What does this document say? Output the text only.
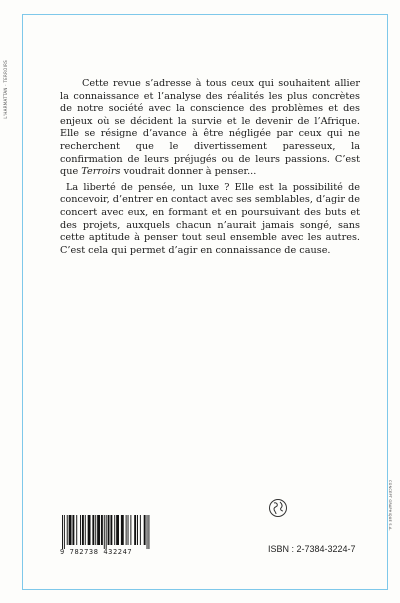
L'HARMATTAN · TERROIRS	Cette revue s’adresse à tous ceux qui souhaitent allier la connaissance et l’analyse des réalités les plus concrètes de notre société avec la conscience des problèmes et des enjeux où se décident la survie et le devenir de l’Afrique. Elle se résigne d’avance à être négligée par ceux qui ne recherchent que le divertissement paresseux, la confirmation de leurs préjugés ou de leurs passions. C’est que Terroirs voudrait donner à penser...

La liberté de pensée, un luxe ? Elle est la possibilité de concevoir, d’entrer en contact avec ses semblables, d’agir de concert avec eux, en formant et en poursuivant des buts et des projets, auxquels chacun n’aurait jamais songé, sans cette aptitude à penser tout seul ensemble avec les autres. C’est cela qui permet d’agir en connaissance de cause.

9 782738 432247	ISBN : 2-7384-3224-7
CONCEPT GRAPHIQUE S.A.
